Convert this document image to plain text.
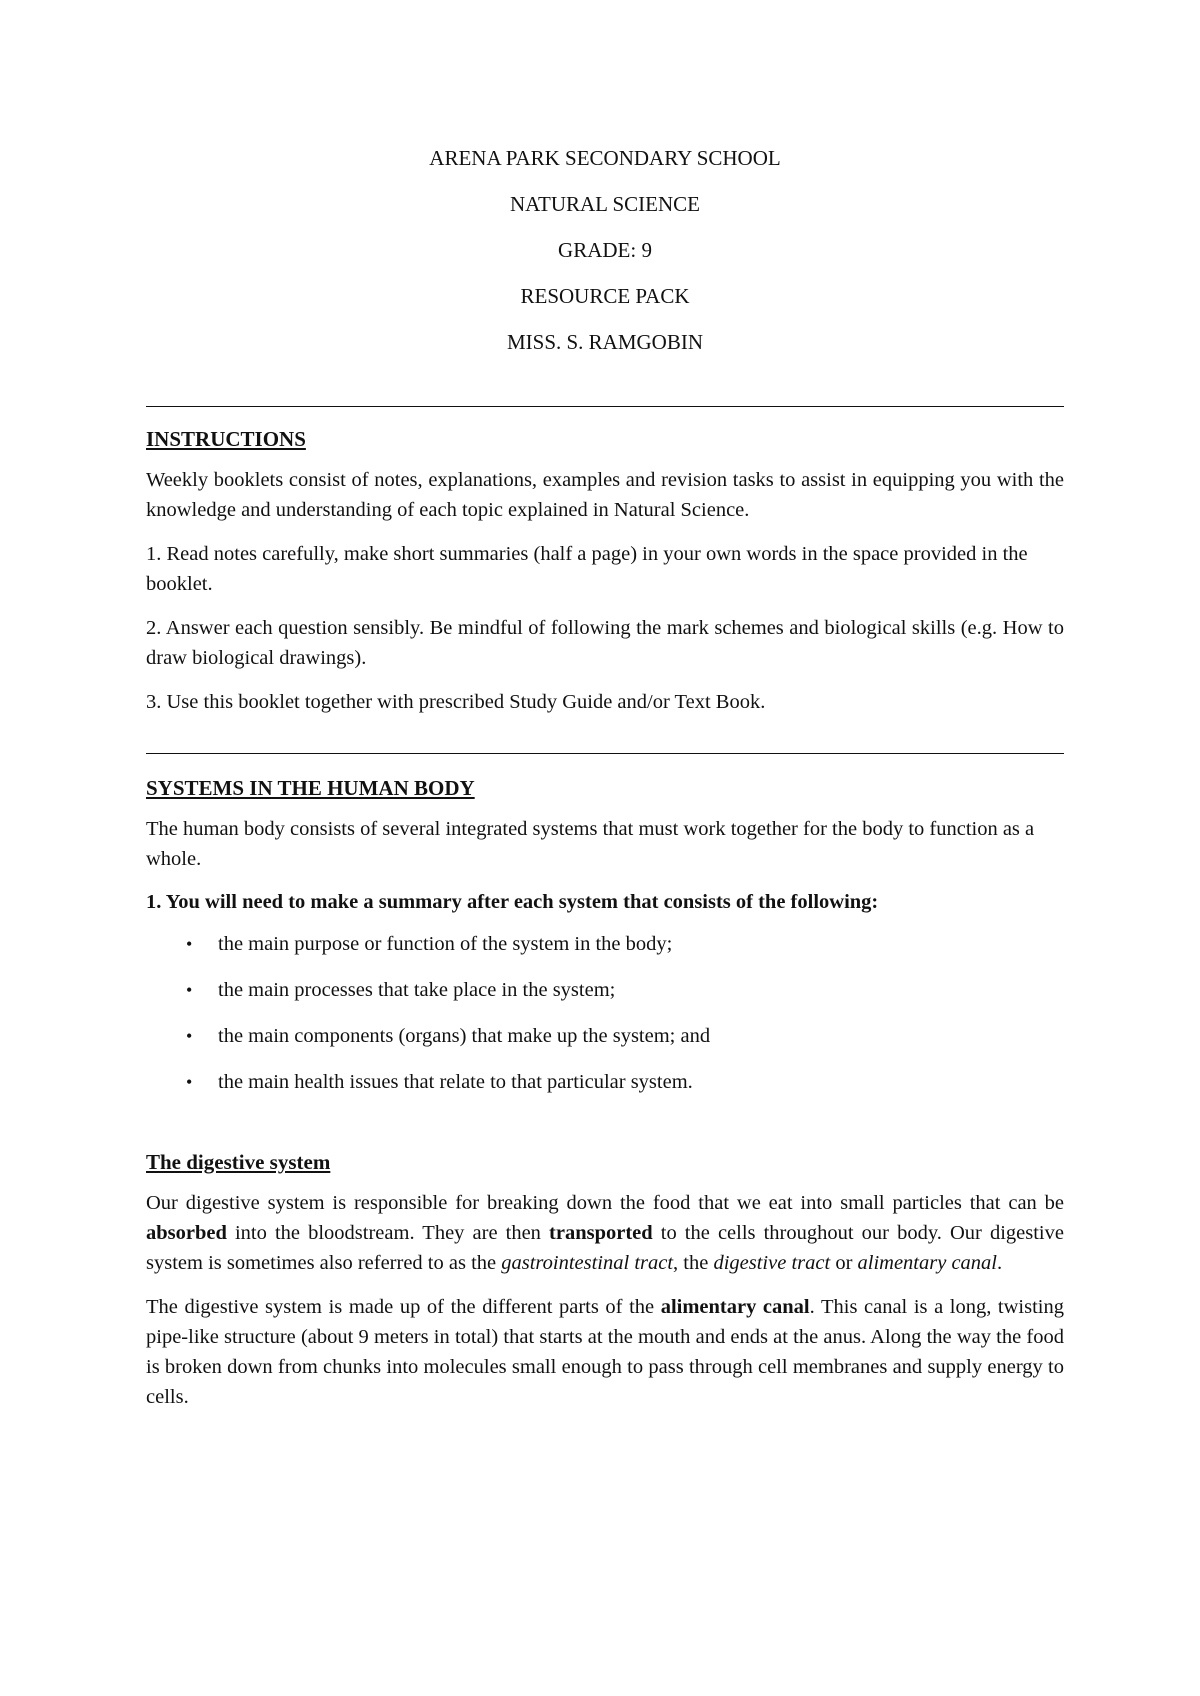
ARENA PARK SECONDARY SCHOOL
NATURAL SCIENCE
GRADE: 9
RESOURCE PACK
MISS. S. RAMGOBIN
INSTRUCTIONS

Weekly booklets consist of notes, explanations, examples and revision tasks to assist in equipping you with the knowledge and understanding of each topic explained in Natural Science.

1. Read notes carefully, make short summaries (half a page) in your own words in the space provided in the booklet.

2. Answer each question sensibly. Be mindful of following the mark schemes and biological skills (e.g. How to draw biological drawings).

3. Use this booklet together with prescribed Study Guide and/or Text Book.

SYSTEMS IN THE HUMAN BODY

The human body consists of several integrated systems that must work together for the body to function as a whole.

1. You will need to make a summary after each system that consists of the following:
• the main purpose or function of the system in the body;
• the main processes that take place in the system;
• the main components (organs) that make up the system; and
• the main health issues that relate to that particular system.
The digestive system

Our digestive system is responsible for breaking down the food that we eat into small particles that can be absorbed into the bloodstream. They are then transported to the cells throughout our body. Our digestive system is sometimes also referred to as the gastrointestinal tract, the digestive tract or alimentary canal.

The digestive system is made up of the different parts of the alimentary canal. This canal is a long, twisting pipe-like structure (about 9 meters in total) that starts at the mouth and ends at the anus. Along the way the food is broken down from chunks into molecules small enough to pass through cell membranes and supply energy to cells.
